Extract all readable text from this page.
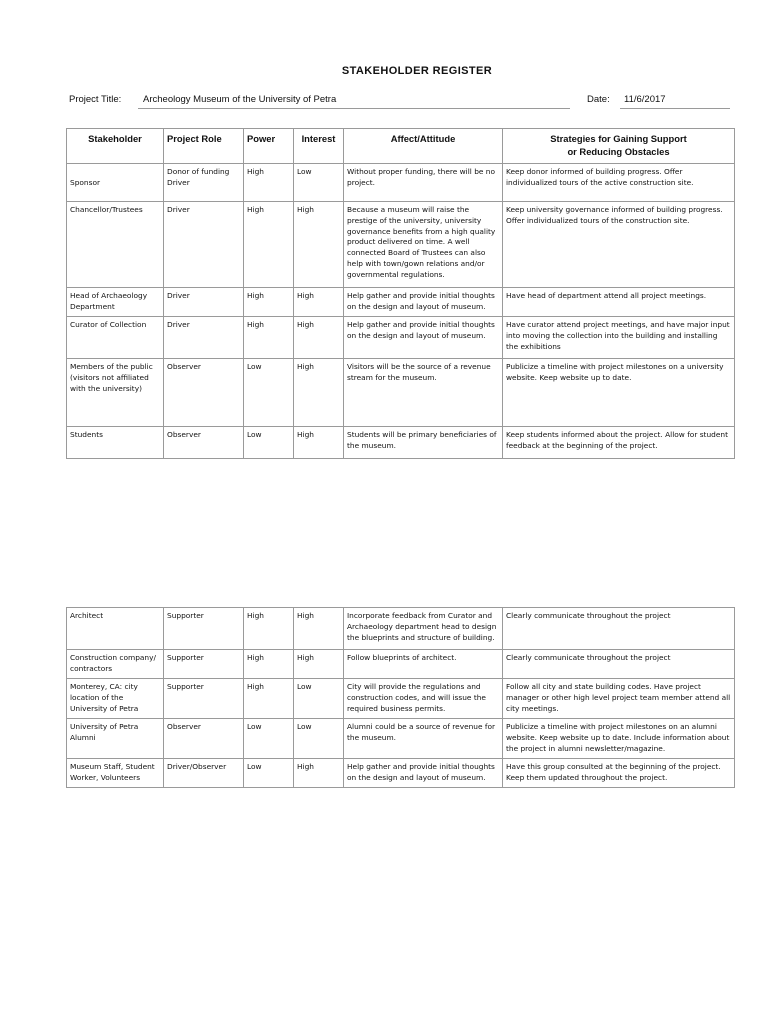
STAKEHOLDER REGISTER
Project Title: Archeology Museum of the University of Petra	Date: 11/6/2017
Stakeholder	Project Role	Power	Interest	Affect/Attitude	Strategies for Gaining Support
or Reducing Obstacles
Sponsor	Donor of funding Driver	High	Low	Without proper funding, there will be no project.	Keep donor informed of building progress. Offer individualized tours of the active construction site.
Chancellor/Trustees	Driver	High	High	Because a museum will raise the prestige of the university, university governance benefits from a high quality product delivered on time. A well connected Board of Trustees can also help with town/gown relations and/or governmental regulations.	Keep university governance informed of building progress. Offer individualized tours of the construction site.
Head of Archaeology Department	Driver	High	High	Help gather and provide initial thoughts on the design and layout of museum.	Have head of department attend all project meetings.
Curator of Collection	Driver	High	High	Help gather and provide initial thoughts on the design and layout of museum.	Have curator attend project meetings, and have major input into moving the collection into the building and installing the exhibitions
Members of the public (visitors not affiliated with the university)	Observer	Low	High	Visitors will be the source of a revenue stream for the museum.	Publicize a timeline with project milestones on a university website. Keep website up to date.
Students	Observer	Low	High	Students will be primary beneficiaries of the museum.	Keep students informed about the project. Allow for student feedback at the beginning of the project.
Architect	Supporter	High	High	Incorporate feedback from Curator and Archaeology department head to design the blueprints and structure of building.	Clearly communicate throughout the project
Construction company/ contractors	Supporter	High	High	Follow blueprints of architect.	Clearly communicate throughout the project
Monterey, CA: city location of the University of Petra	Supporter	High	Low	City will provide the regulations and construction codes, and will issue the required business permits.	Follow all city and state building codes. Have project manager or other high level project team member attend all city meetings.
University of Petra Alumni	Observer	Low	Low	Alumni could be a source of revenue for the museum.	Publicize a timeline with project milestones on an alumni website. Keep website up to date. Include information about the project in alumni newsletter/magazine.
Museum Staff, Student Worker, Volunteers	Driver/Observer	Low	High	Help gather and provide initial thoughts on the design and layout of museum.	Have this group consulted at the beginning of the project. Keep them updated throughout the project.
